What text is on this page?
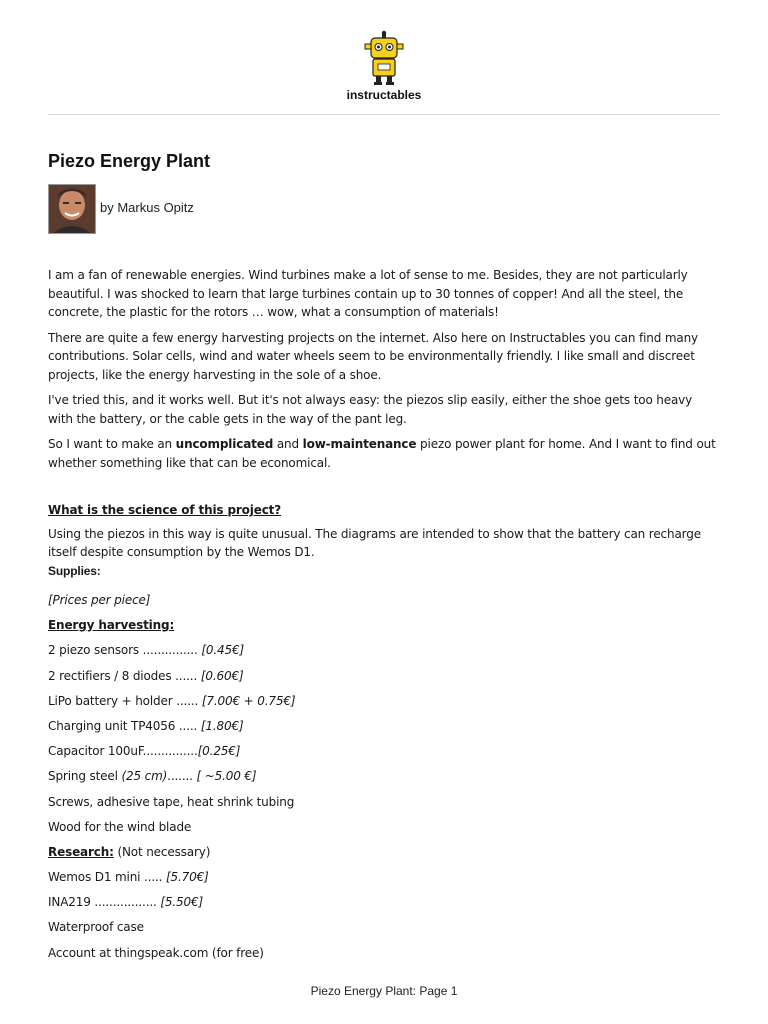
instructables
Piezo Energy Plant
by Markus Opitz

I am a fan of renewable energies. Wind turbines make a lot of sense to me. Besides, they are not particularly beautiful. I was shocked to learn that large turbines contain up to 30 tonnes of copper! And all the steel, the concrete, the plastic for the rotors … wow, what a consumption of materials!

There are quite a few energy harvesting projects on the internet. Also here on Instructables you can find many contributions. Solar cells, wind and water wheels seem to be environmentally friendly. I like small and discreet projects, like the energy harvesting in the sole of a shoe.

I've tried this, and it works well. But it's not always easy: the piezos slip easily, either the shoe gets too heavy with the battery, or the cable gets in the way of the pant leg.

So I want to make an uncomplicated and low-maintenance piezo power plant for home. And I want to find out whether something like that can be economical.

What is the science of this project?

Using the piezos in this way is quite unusual. The diagrams are intended to show that the battery can recharge itself despite consumption by the Wemos D1.

Supplies:

[Prices per piece]

Energy harvesting:

2 piezo sensors ............... [0.45€]

2 rectifiers / 8 diodes ...... [0.60€]

LiPo battery + holder ...... [7.00€ + 0.75€]

Charging unit TP4056 ..... [1.80€]

Capacitor 100uF...............[0.25€]

Spring steel (25 cm)....... [ ~5.00 €]

Screws, adhesive tape, heat shrink tubing

Wood for the wind blade

Research: (Not necessary)

Wemos D1 mini ..... [5.70€]

INA219 ................. [5.50€]

Waterproof case

Account at thingspeak.com (for free)

Piezo Energy Plant: Page 1
